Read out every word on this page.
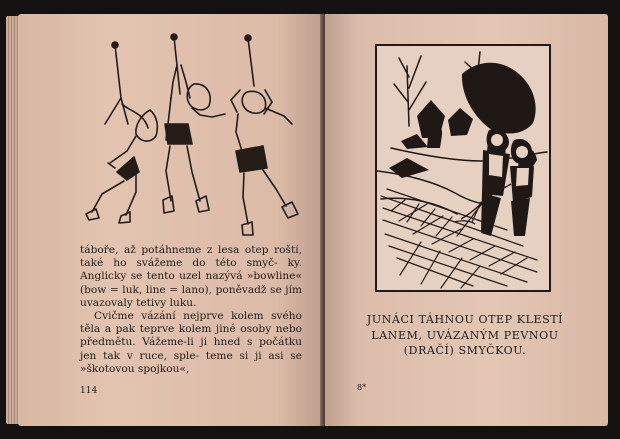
táboře, až potáhneme z lesa otep roští, také ho svážeme do této smyč- ky. Anglicky se tento uzel nazývá »bowline« (bow = luk, line = lano), poněvadž se jím uvazovaly tetivy luku.

Cvičme vázání nejprve kolem svého těla a pak teprve kolem jiné osoby nebo předmětu. Vážeme-li ji hned s počátku jen tak v ruce, sple- teme si ji asi se »škotovou spojkou«,

114
JUNÁCI TÁHNOU OTEP KLESTÍ
LANEM, UVÁZANÝM PEVNOU
(DRAČÍ) SMYČKOU.
8*
